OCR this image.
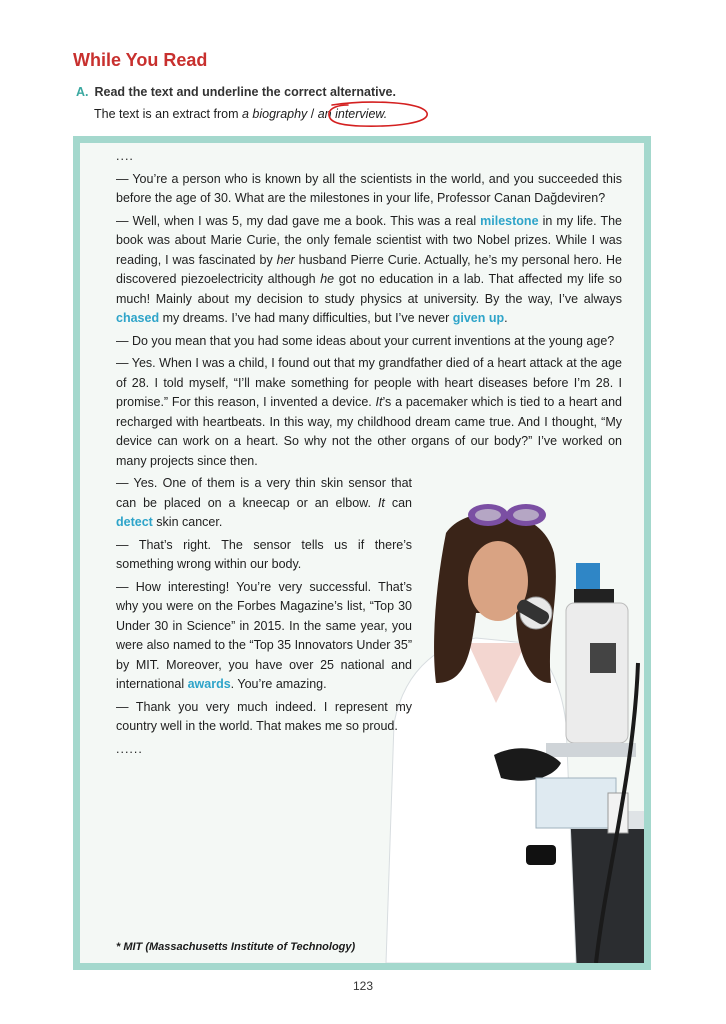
While You Read
A. Read the text and underline the correct alternative.
The text is an extract from a biography / an interview.

....

— You’re a person who is known by all the scientists in the world, and you succeeded this before the age of 30. What are the milestones in your life, Professor Canan Dağdeviren?

— Well, when I was 5, my dad gave me a book. This was a real milestone in my life. The book was about Marie Curie, the only female scientist with two Nobel prizes. While I was reading, I was fascinated by her husband Pierre Curie. Actually, he’s my personal hero. He discovered piezoelectricity although he got no education in a lab. That affected my life so much! Mainly about my decision to study physics at university. By the way, I’ve always chased my dreams. I’ve had many difficulties, but I’ve never given up.

— Do you mean that you had some ideas about your current inventions at the young age?

— Yes. When I was a child, I found out that my grandfather died of a heart attack at the age of 28. I told myself, “I’ll make something for people with heart diseases before I’m 28. I promise.” For this reason, I invented a device. It’s a pacemaker which is tied to a heart and recharged with heartbeats. In this way, my childhood dream came true. And I thought, “My device can work on a heart. So why not the other organs of our body?” I’ve worked on many projects since then.

— Yes. One of them is a very thin skin sensor that can be placed on a kneecap or an elbow. It can detect skin cancer.

— That’s right. The sensor tells us if there’s something wrong within our body.

— How interesting! You’re very successful. That’s why you were on the Forbes Magazine’s list, “Top 30 Under 30 in Science” in 2015. In the same year, you were also named to the “Top 35 Innovators Under 35” by MIT. Moreover, you have over 25 national and international awards. You’re amazing.

— Thank you very much indeed. I represent my country well in the world. That makes me so proud.

......

* MIT (Massachusetts Institute of Technology)
123
